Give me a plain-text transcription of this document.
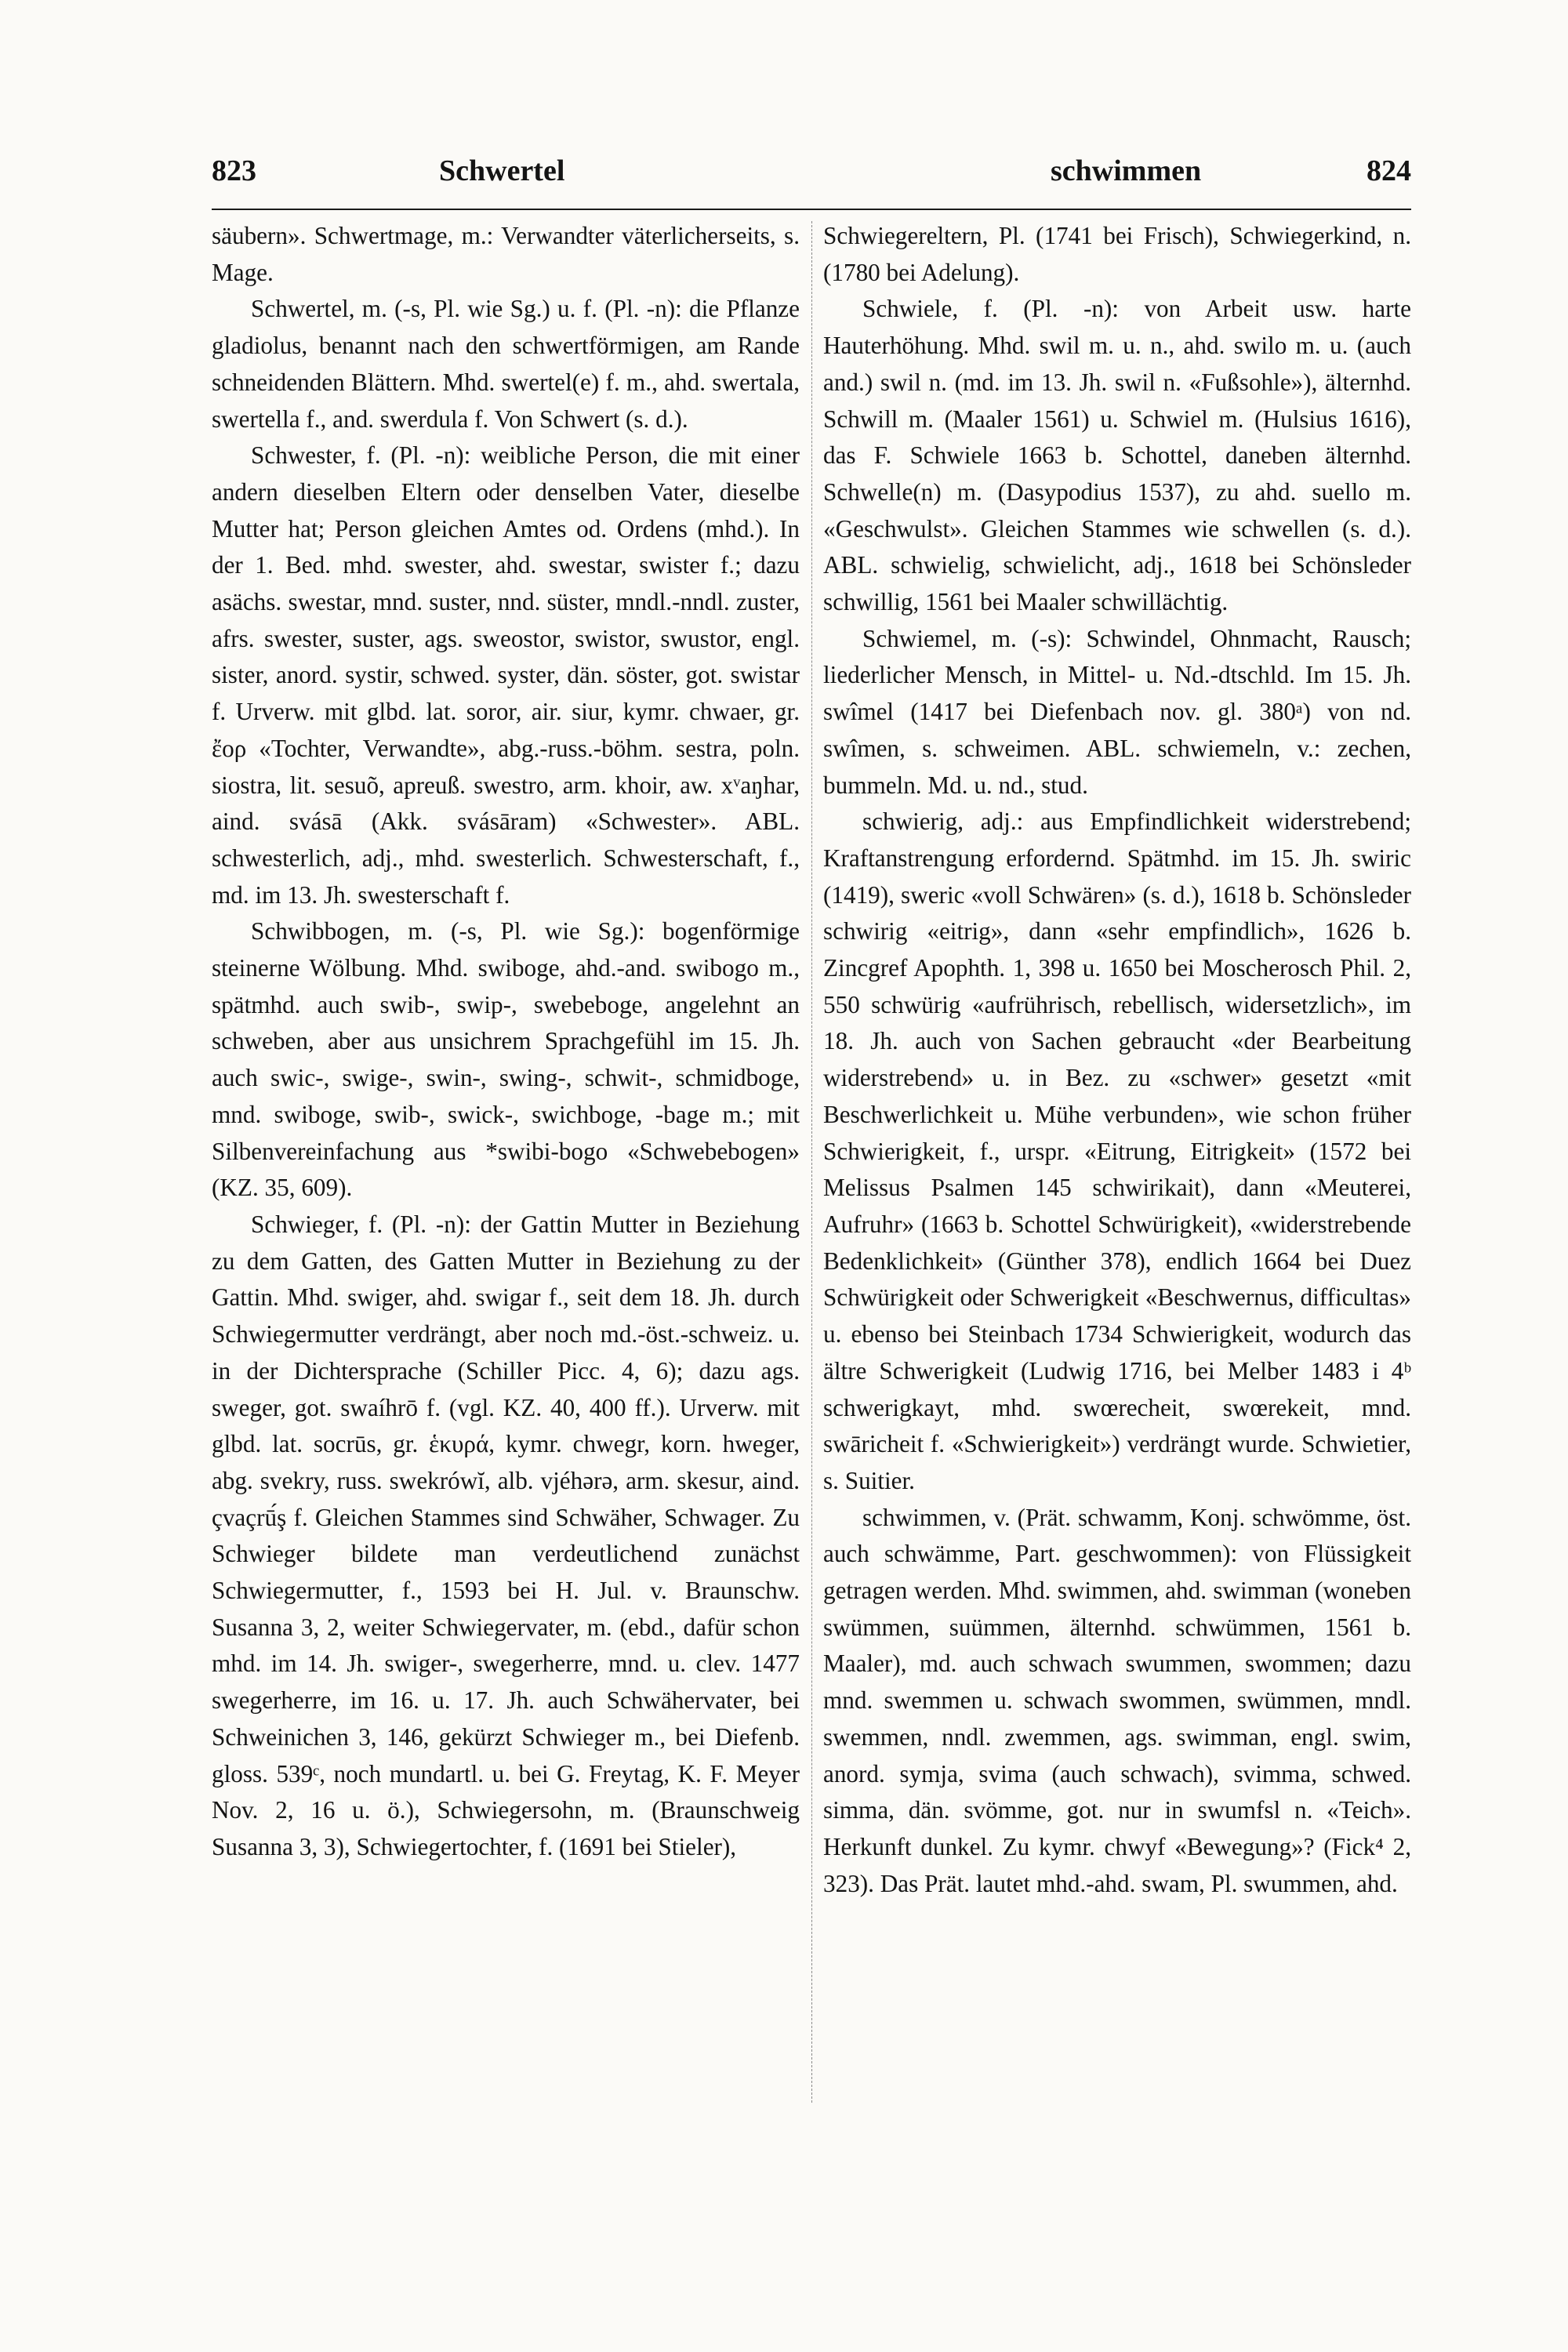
823	Schwertel	schwimmen	824

säubern». Schwertmage, m.: Verwandter väterlicherseits, s. Mage.

Schwertel, m. (-s, Pl. wie Sg.) u. f. (Pl. -n): die Pflanze gladiolus, benannt nach den schwertförmigen, am Rande schneidenden Blättern. Mhd. swertel(e) f. m., ahd. swertala, swertella f., and. swerdula f. Von Schwert (s. d.).

Schwester, f. (Pl. -n): weibliche Person, die mit einer andern dieselben Eltern oder denselben Vater, dieselbe Mutter hat; Person gleichen Amtes od. Ordens (mhd.). In der 1. Bed. mhd. swester, ahd. swestar, swister f.; dazu asächs. swestar, mnd. suster, nnd. süster, mndl.-nndl. zuster, afrs. swester, suster, ags. sweostor, swistor, swustor, engl. sister, anord. systir, schwed. syster, dän. söster, got. swistar f. Urverw. mit glbd. lat. soror, air. siur, kymr. chwaer, gr. ἔορ «Tochter, Verwandte», abg.-russ.-böhm. sestra, poln. siostra, lit. sesuõ, apreuß. swestro, arm. khoir, aw. xᵛaŋhar, aind. svásā (Akk. svásāram) «Schwester». ABL. schwesterlich, adj., mhd. swesterlich. Schwesterschaft, f., md. im 13. Jh. swesterschaft f.

Schwibbogen, m. (-s, Pl. wie Sg.): bogenförmige steinerne Wölbung. Mhd. swiboge, ahd.-and. swibogo m., spätmhd. auch swib-, swip-, swebeboge, angelehnt an schweben, aber aus unsichrem Sprachgefühl im 15. Jh. auch swic-, swige-, swin-, swing-, schwit-, schmidboge, mnd. swiboge, swib-, swick-, swichboge, -bage m.; mit Silbenvereinfachung aus *swibi-bogo «Schwebebogen» (KZ. 35, 609).

Schwieger, f. (Pl. -n): der Gattin Mutter in Beziehung zu dem Gatten, des Gatten Mutter in Beziehung zu der Gattin. Mhd. swiger, ahd. swigar f., seit dem 18. Jh. durch Schwiegermutter verdrängt, aber noch md.-öst.-schweiz. u. in der Dichtersprache (Schiller Picc. 4, 6); dazu ags. sweger, got. swaíhrō f. (vgl. KZ. 40, 400 ff.). Urverw. mit glbd. lat. socrūs, gr. ἑκυρά, kymr. chwegr, korn. hweger, abg. svekry, russ. swekrówĭ, alb. vjéhərə, arm. skesur, aind. çvaçrū́ş f. Gleichen Stammes sind Schwäher, Schwager. Zu Schwieger bildete man verdeutlichend zunächst Schwiegermutter, f., 1593 bei H. Jul. v. Braunschw. Susanna 3, 2, weiter Schwiegervater, m. (ebd., dafür schon mhd. im 14. Jh. swiger-, swegerherre, mnd. u. clev. 1477 swegerherre, im 16. u. 17. Jh. auch Schwähervater, bei Schweinichen 3, 146, gekürzt Schwieger m., bei Diefenb. gloss. 539ᶜ, noch mundartl. u. bei G. Freytag, K. F. Meyer Nov. 2, 16 u. ö.), Schwiegersohn, m. (Braunschweig Susanna 3, 3), Schwiegertochter, f. (1691 bei Stieler),

Schwiegereltern, Pl. (1741 bei Frisch), Schwiegerkind, n. (1780 bei Adelung).

Schwiele, f. (Pl. -n): von Arbeit usw. harte Hauterhöhung. Mhd. swil m. u. n., ahd. swilo m. u. (auch and.) swil n. (md. im 13. Jh. swil n. «Fußsohle»), älternhd. Schwill m. (Maaler 1561) u. Schwiel m. (Hulsius 1616), das F. Schwiele 1663 b. Schottel, daneben älternhd. Schwelle(n) m. (Dasypodius 1537), zu ahd. suello m. «Geschwulst». Gleichen Stammes wie schwellen (s. d.). ABL. schwielig, schwielicht, adj., 1618 bei Schönsleder schwillig, 1561 bei Maaler schwillächtig.

Schwiemel, m. (-s): Schwindel, Ohnmacht, Rausch; liederlicher Mensch, in Mittel- u. Nd.-dtschld. Im 15. Jh. swîmel (1417 bei Diefenbach nov. gl. 380ᵃ) von nd. swîmen, s. schweimen. ABL. schwiemeln, v.: zechen, bummeln. Md. u. nd., stud.

schwierig, adj.: aus Empfindlichkeit widerstrebend; Kraftanstrengung erfordernd. Spätmhd. im 15. Jh. swiric (1419), sweric «voll Schwären» (s. d.), 1618 b. Schönsleder schwirig «eitrig», dann «sehr empfindlich», 1626 b. Zincgref Apophth. 1, 398 u. 1650 bei Moscherosch Phil. 2, 550 schwürig «aufrührisch, rebellisch, widersetzlich», im 18. Jh. auch von Sachen gebraucht «der Bearbeitung widerstrebend» u. in Bez. zu «schwer» gesetzt «mit Beschwerlichkeit u. Mühe verbunden», wie schon früher Schwierigkeit, f., urspr. «Eitrung, Eitrigkeit» (1572 bei Melissus Psalmen 145 schwirikait), dann «Meuterei, Aufruhr» (1663 b. Schottel Schwürigkeit), «widerstrebende Bedenklichkeit» (Günther 378), endlich 1664 bei Duez Schwürigkeit oder Schwerigkeit «Beschwernus, difficultas» u. ebenso bei Steinbach 1734 Schwierigkeit, wodurch das ältre Schwerigkeit (Ludwig 1716, bei Melber 1483 i 4ᵇ schwerigkayt, mhd. swœrecheit, swœrekeit, mnd. swāricheit f. «Schwierigkeit») verdrängt wurde. Schwietier, s. Suitier.

schwimmen, v. (Prät. schwamm, Konj. schwömme, öst. auch schwämme, Part. geschwommen): von Flüssigkeit getragen werden. Mhd. swimmen, ahd. swimman (woneben swümmen, suümmen, älternhd. schwümmen, 1561 b. Maaler), md. auch schwach swummen, swommen; dazu mnd. swemmen u. schwach swommen, swümmen, mndl. swemmen, nndl. zwemmen, ags. swimman, engl. swim, anord. symja, svima (auch schwach), svimma, schwed. simma, dän. svömme, got. nur in swumfsl n. «Teich». Herkunft dunkel. Zu kymr. chwyf «Bewegung»? (Fick⁴ 2, 323). Das Prät. lautet mhd.-ahd. swam, Pl. swummen, ahd.
